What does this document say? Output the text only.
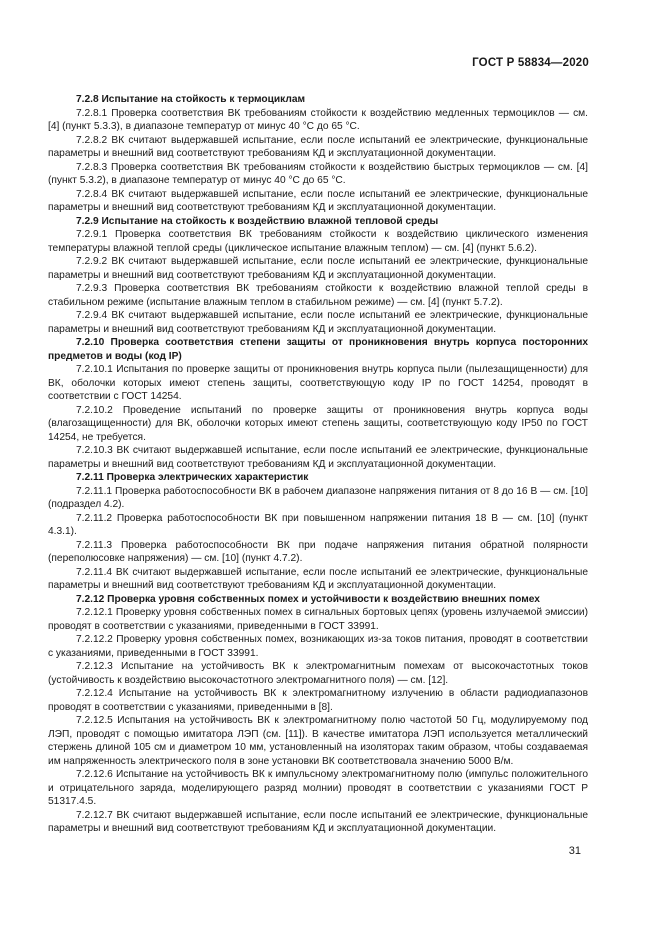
ГОСТ Р 58834—2020

7.2.8 Испытание на стойкость к термоциклам

7.2.8.1 Проверка соответствия ВК требованиям стойкости к воздействию медленных термоциклов — см. [4] (пункт 5.3.3), в диапазоне температур от минус 40 °С до 65 °С.

7.2.8.2 ВК считают выдержавшей испытание, если после испытаний ее электрические, функциональные параметры и внешний вид соответствуют требованиям КД и эксплуатационной документации.

7.2.8.3 Проверка соответствия ВК требованиям стойкости к воздействию быстрых термоциклов — см. [4] (пункт 5.3.2), в диапазоне температур от минус 40 °С до 65 °С.

7.2.8.4 ВК считают выдержавшей испытание, если после испытаний ее электрические, функциональные параметры и внешний вид соответствуют требованиям КД и эксплуатационной документации.

7.2.9 Испытание на стойкость к воздействию влажной тепловой среды

7.2.9.1 Проверка соответствия ВК требованиям стойкости к воздействию циклического изменения температуры влажной теплой среды (циклическое испытание влажным теплом) — см. [4] (пункт 5.6.2).

7.2.9.2 ВК считают выдержавшей испытание, если после испытаний ее электрические, функциональные параметры и внешний вид соответствуют требованиям КД и эксплуатационной документации.

7.2.9.3 Проверка соответствия ВК требованиям стойкости к воздействию влажной теплой среды в стабильном режиме (испытание влажным теплом в стабильном режиме) — см. [4] (пункт 5.7.2).

7.2.9.4 ВК считают выдержавшей испытание, если после испытаний ее электрические, функциональные параметры и внешний вид соответствуют требованиям КД и эксплуатационной документации.

7.2.10 Проверка соответствия степени защиты от проникновения внутрь корпуса посторонних предметов и воды (код IP)

7.2.10.1 Испытания по проверке защиты от проникновения внутрь корпуса пыли (пылезащищенности) для ВК, оболочки которых имеют степень защиты, соответствующую коду IP по ГОСТ 14254, проводят в соответствии с ГОСТ 14254.

7.2.10.2 Проведение испытаний по проверке защиты от проникновения внутрь корпуса воды (влагозащищенности) для ВК, оболочки которых имеют степень защиты, соответствующую коду IP50 по ГОСТ 14254, не требуется.

7.2.10.3 ВК считают выдержавшей испытание, если после испытаний ее электрические, функциональные параметры и внешний вид соответствуют требованиям КД и эксплуатационной документации.

7.2.11 Проверка электрических характеристик

7.2.11.1 Проверка работоспособности ВК в рабочем диапазоне напряжения питания от 8 до 16 В — см. [10] (подраздел 4.2).

7.2.11.2 Проверка работоспособности ВК при повышенном напряжении питания 18 В — см. [10] (пункт 4.3.1).

7.2.11.3 Проверка работоспособности ВК при подаче напряжения питания обратной полярности (переполюсовке напряжения) — см. [10] (пункт 4.7.2).

7.2.11.4 ВК считают выдержавшей испытание, если после испытаний ее электрические, функциональные параметры и внешний вид соответствуют требованиям КД и эксплуатационной документации.

7.2.12 Проверка уровня собственных помех и устойчивости к воздействию внешних помех

7.2.12.1 Проверку уровня собственных помех в сигнальных бортовых цепях (уровень излучаемой эмиссии) проводят в соответствии с указаниями, приведенными в ГОСТ 33991.

7.2.12.2 Проверку уровня собственных помех, возникающих из-за токов питания, проводят в соответствии с указаниями, приведенными в ГОСТ 33991.

7.2.12.3 Испытание на устойчивость ВК к электромагнитным помехам от высокочастотных токов (устойчивость к воздействию высокочастотного электромагнитного поля) — см. [12].

7.2.12.4 Испытание на устойчивость ВК к электромагнитному излучению в области радиодиапазонов проводят в соответствии с указаниями, приведенными в [8].

7.2.12.5 Испытания на устойчивость ВК к электромагнитному полю частотой 50 Гц, модулируемому под ЛЭП, проводят с помощью имитатора ЛЭП (см. [11]). В качестве имитатора ЛЭП используется металлический стержень длиной 105 см и диаметром 10 мм, установленный на изоляторах таким образом, чтобы создаваемая им напряженность электрического поля в зоне установки ВК соответствовала значению 5000 В/м.

7.2.12.6 Испытание на устойчивость ВК к импульсному электромагнитному полю (импульс положительного и отрицательного заряда, моделирующего разряд молнии) проводят в соответствии с указаниями ГОСТ Р 51317.4.5.

7.2.12.7 ВК считают выдержавшей испытание, если после испытаний ее электрические, функциональные параметры и внешний вид соответствуют требованиям КД и эксплуатационной документации.

31
